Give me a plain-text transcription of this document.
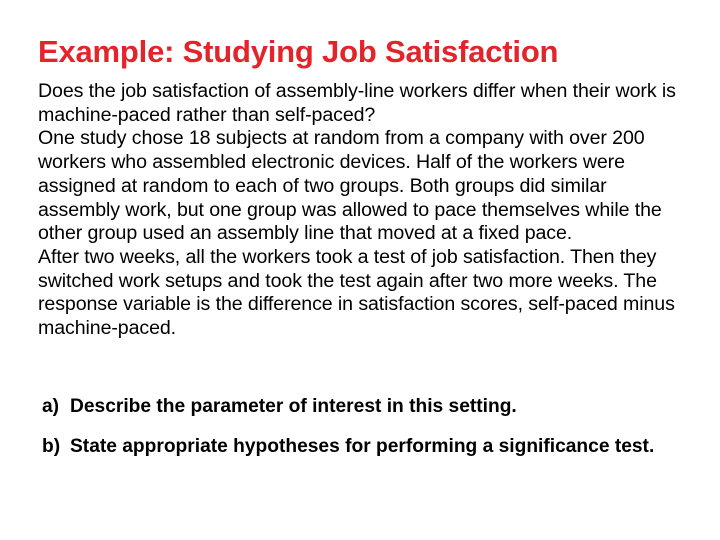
Example: Studying Job Satisfaction

Does the job satisfaction of assembly-line workers differ when their work is machine-paced rather than self-paced?

One study chose 18 subjects at random from a company with over 200 workers who assembled electronic devices. Half of the workers were assigned at random to each of two groups. Both groups did similar assembly work, but one group was allowed to pace themselves while the other group used an assembly line that moved at a fixed pace.

After two weeks, all the workers took a test of job satisfaction. Then they switched work setups and took the test again after two more weeks. The response variable is the difference in satisfaction scores, self-paced minus machine-paced.

a) Describe the parameter of interest in this setting.
b) State appropriate hypotheses for performing a significance test.
